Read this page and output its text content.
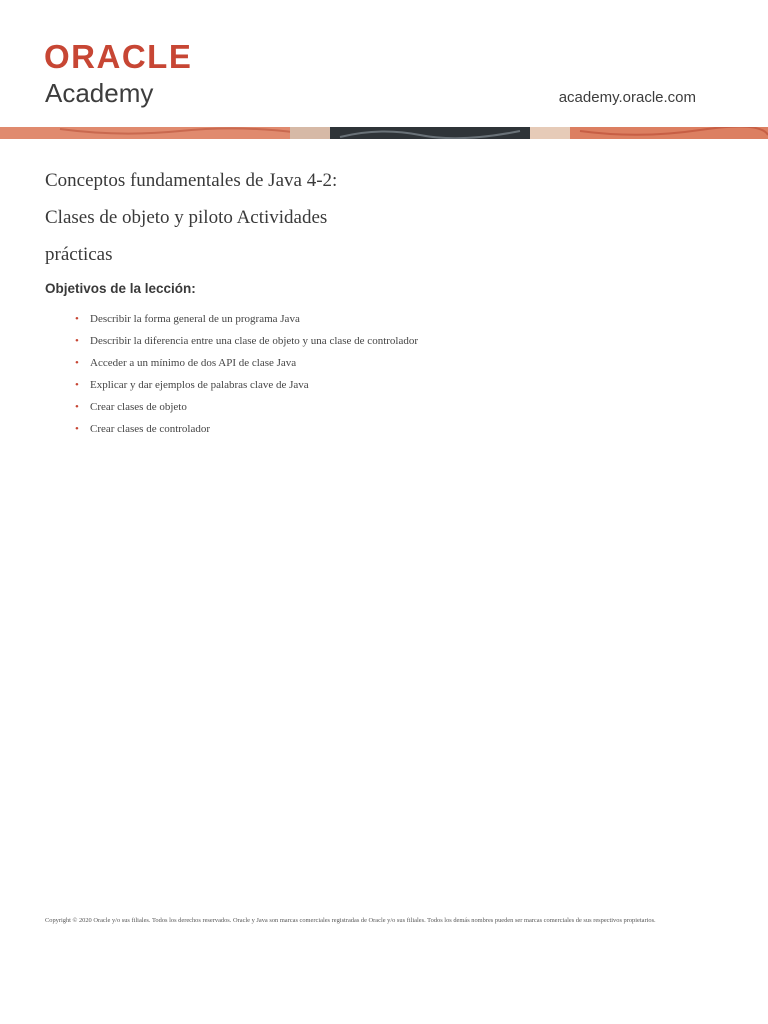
ORACLE
Academy	academy.oracle.com
Conceptos fundamentales de Java 4-2:
Clases de objeto y piloto Actividades
prácticas
Objetivos de la lección:
• Describir la forma general de un programa Java
• Describir la diferencia entre una clase de objeto y una clase de controlador
• Acceder a un mínimo de dos API de clase Java
• Explicar y dar ejemplos de palabras clave de Java
• Crear clases de objeto
• Crear clases de controlador
Copyright © 2020 Oracle y/o sus filiales. Todos los derechos reservados. Oracle y Java son marcas comerciales registradas de Oracle y/o sus filiales. Todos los demás nombres pueden ser marcas comerciales de sus respectivos propietarios.
